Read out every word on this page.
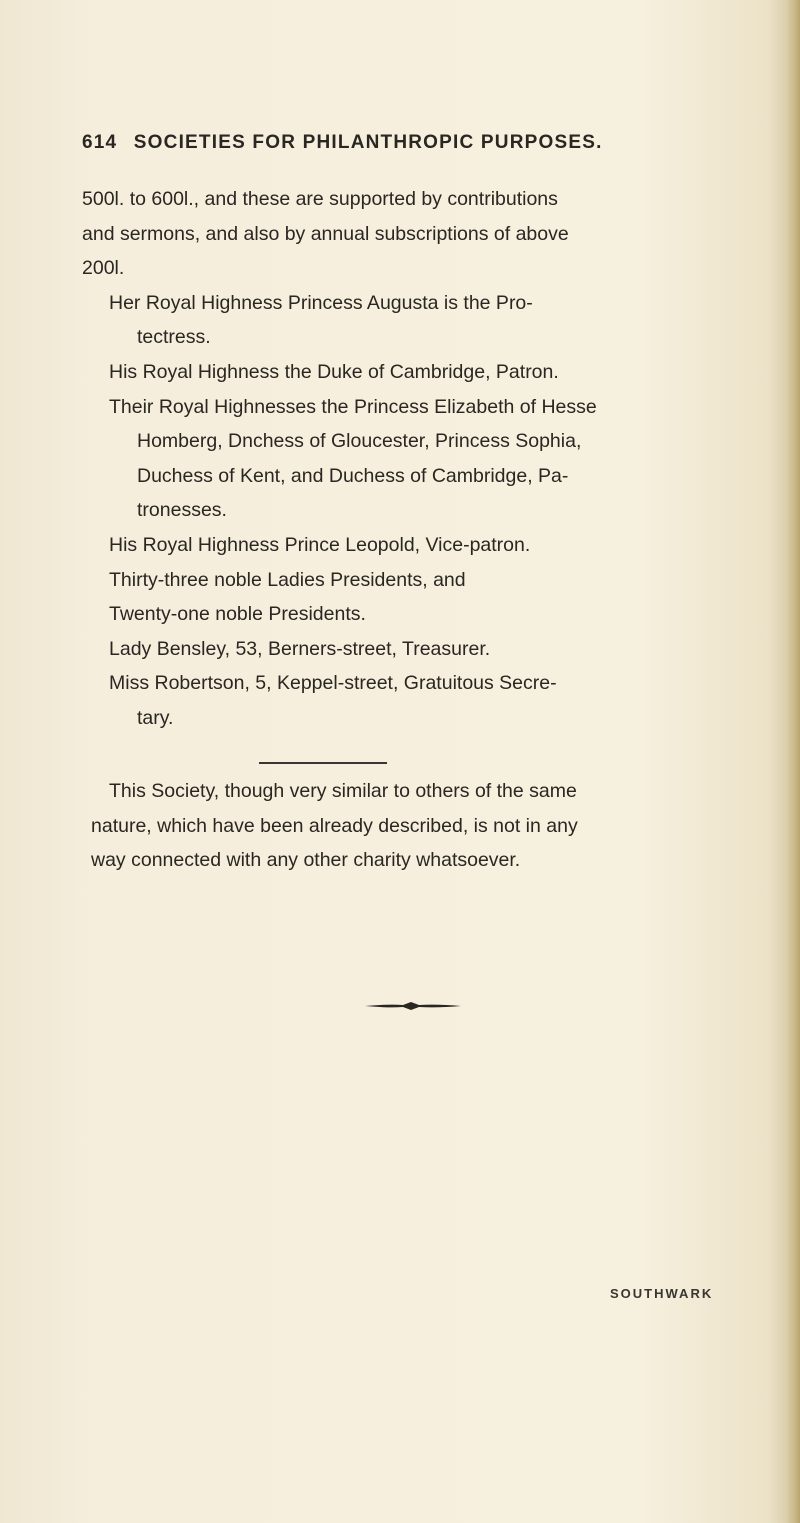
614 SOCIETIES FOR PHILANTHROPIC PURPOSES.
500l. to 600l., and these are supported by contributions
and sermons, and also by annual subscriptions of above
200l.
Her Royal Highness Princess Augusta is the Pro-
tectress.
His Royal Highness the Duke of Cambridge, Patron.
Their Royal Highnesses the Princess Elizabeth of Hesse
Homberg, Dnchess of Gloucester, Princess Sophia,
Duchess of Kent, and Duchess of Cambridge, Pa-
tronesses.
His Royal Highness Prince Leopold, Vice-patron.
Thirty-three noble Ladies Presidents, and
Twenty-one noble Presidents.
Lady Bensley, 53, Berners-street, Treasurer.
Miss Robertson, 5, Keppel-street, Gratuitous Secre-
tary.
This Society, though very similar to others of the same
nature, which have been already described, is not in any
way connected with any other charity whatsoever.
SOUTHWARK
